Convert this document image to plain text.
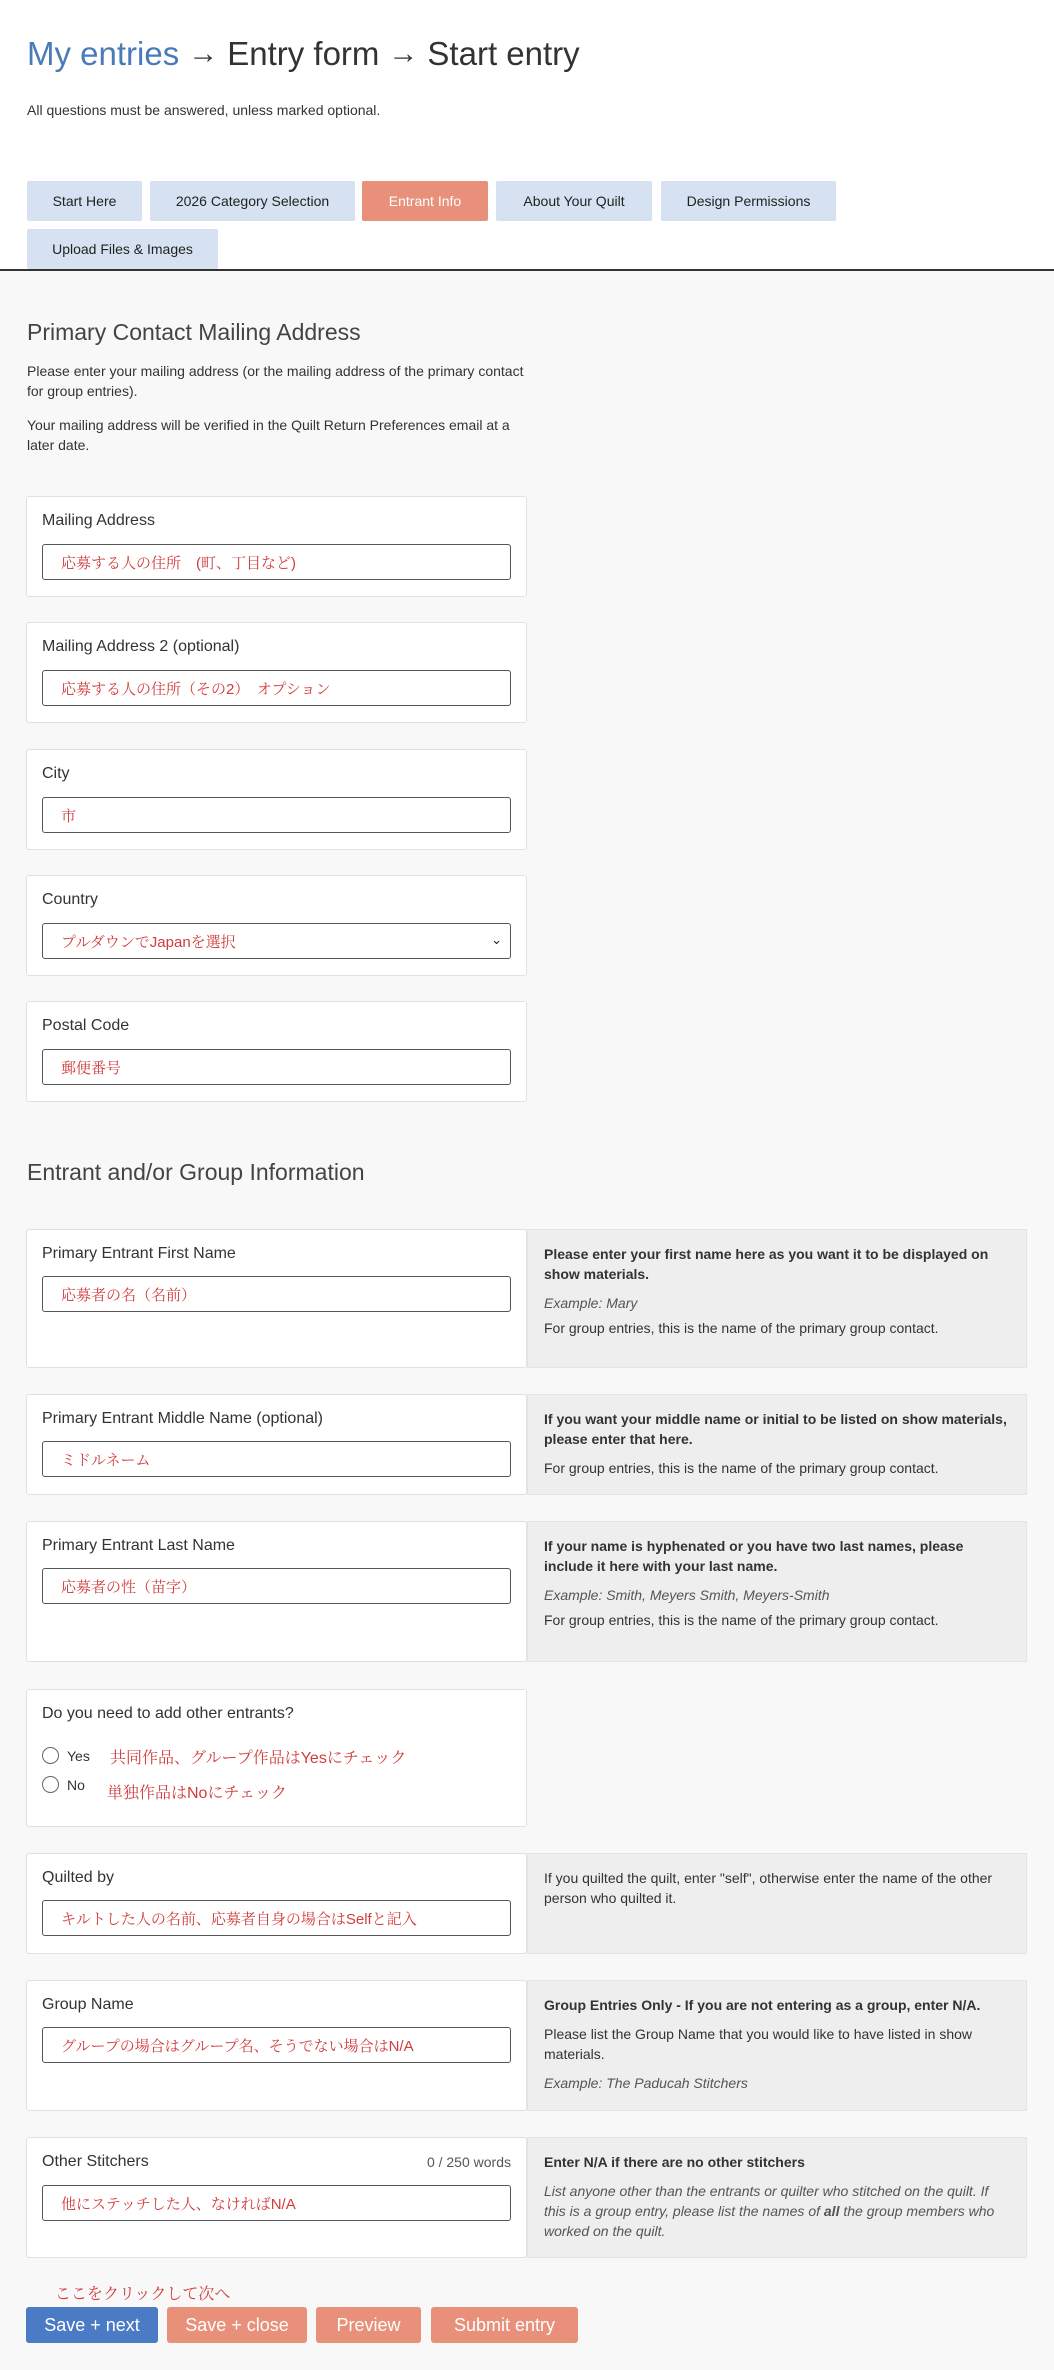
My entries → Entry form → Start entry
All questions must be answered, unless marked optional.
Start Here	2026 Category Selection	Entrant Info	About Your Quilt	Design Permissions
Upload Files & Images
Primary Contact Mailing Address
Please enter your mailing address (or the mailing address of the primary contact for group entries).
Your mailing address will be verified in the Quilt Return Preferences email at a later date.
Mailing Address
応募する人の住所　(町、丁目など)
Mailing Address 2 (optional)
応募する人の住所（その2）　オプション
City
市
Country
プルダウンでJapanを選択	⌄
Postal Code
郵便番号
Entrant and/or Group Information
Primary Entrant First Name
応募者の名（名前）
Please enter your first name here as you want it to be displayed on show materials.
Example: Mary
For group entries, this is the name of the primary group contact.
Primary Entrant Middle Name (optional)
ミドルネーム
If you want your middle name or initial to be listed on show materials, please enter that here.
For group entries, this is the name of the primary group contact.
Primary Entrant Last Name
応募者の性（苗字）
If your name is hyphenated or you have two last names, please include it here with your last name.
Example: Smith, Meyers Smith, Meyers-Smith
For group entries, this is the name of the primary group contact.
Do you need to add other entrants?
Yes
No
共同作品、グループ作品はYesにチェック
単独作品はNoにチェック
Quilted by
キルトした人の名前、応募者自身の場合はSelfと記入
If you quilted the quilt, enter "self", otherwise enter the name of the other person who quilted it.
Group Name
グループの場合はグループ名、そうでない場合はN/A
Group Entries Only - If you are not entering as a group, enter N/A.
Please list the Group Name that you would like to have listed in show materials.
Example: The Paducah Stitchers
Other Stitchers	0 / 250 words
他にステッチした人、なければN/A
Enter N/A if there are no other stitchers
List anyone other than the entrants or quilter who stitched on the quilt. If this is a group entry, please list the names of all the group members who worked on the quilt.
ここをクリックして次へ
Save + next	Save + close	Preview	Submit entry
